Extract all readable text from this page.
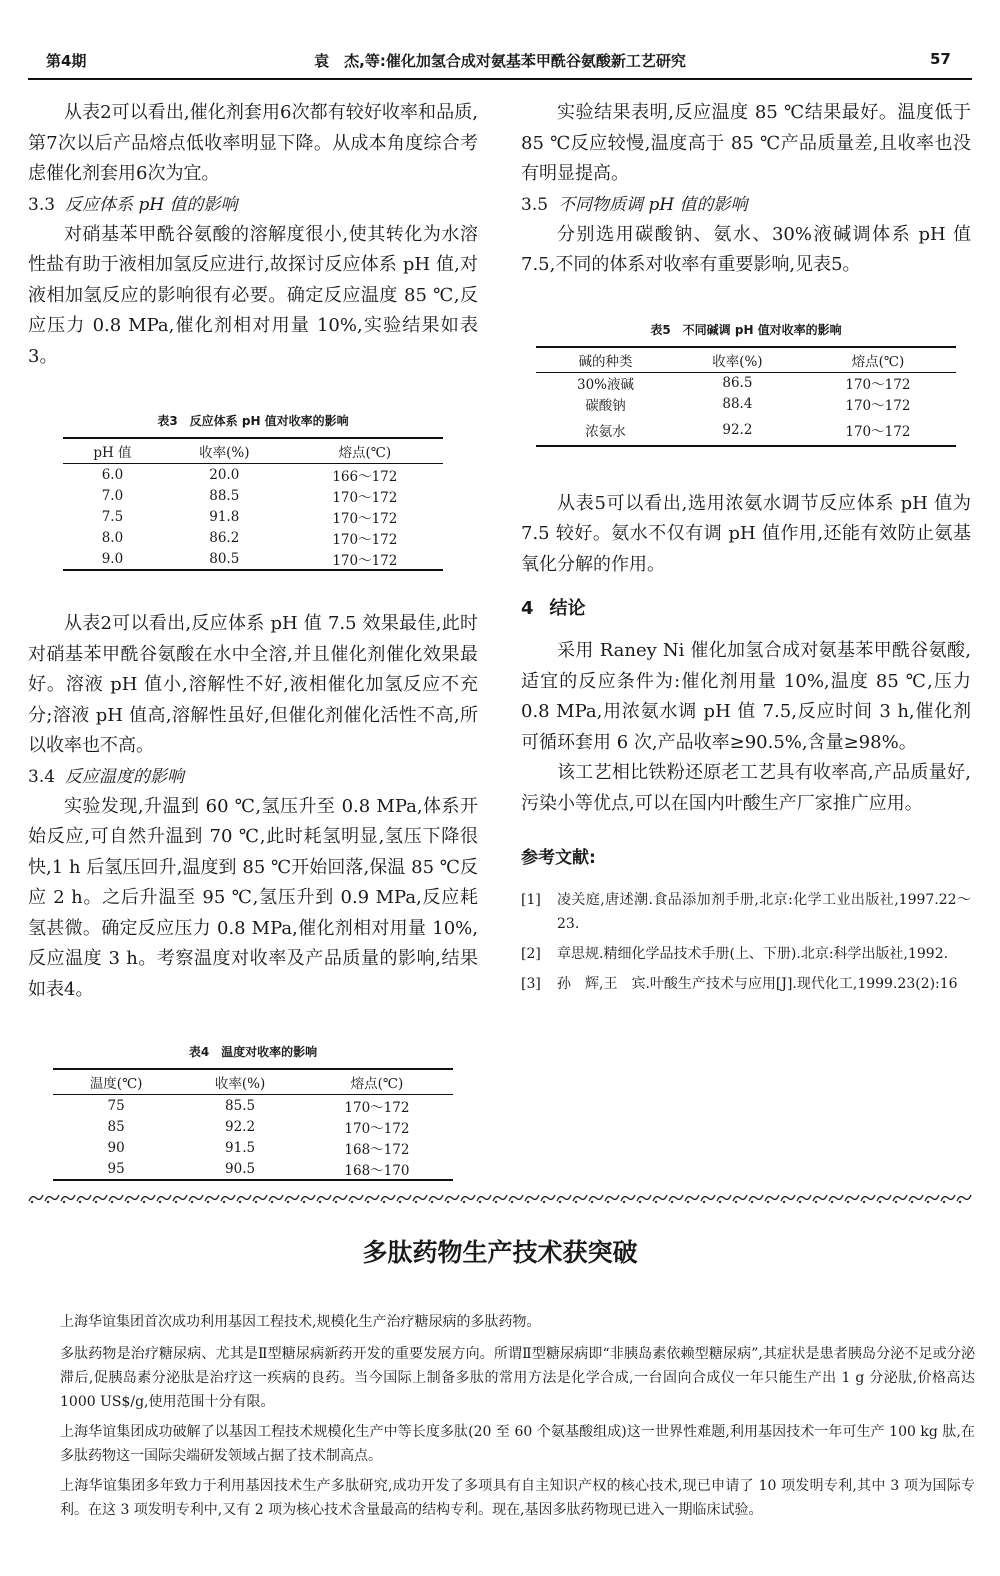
第4期	袁　杰,等:催化加氢合成对氨基苯甲酰谷氨酸新工艺研究	57

从表2可以看出,催化剂套用6次都有较好收率和品质,第7次以后产品熔点低收率明显下降。从成本角度综合考虑催化剂套用6次为宜。

3.3 反应体系 pH 值的影响

对硝基苯甲酰谷氨酸的溶解度很小,使其转化为水溶性盐有助于液相加氢反应进行,故探讨反应体系 pH 值,对液相加氢反应的影响很有必要。确定反应温度 85 ℃,反应压力 0.8 MPa,催化剂相对用量 10%,实验结果如表3。

表3　反应体系 pH 值对收率的影响
pH 值	收率(%)	熔点(℃)
6.0	20.0	166～172
7.0	88.5	170～172
7.5	91.8	170～172
8.0	86.2	170～172
9.0	80.5	170～172

从表2可以看出,反应体系 pH 值 7.5 效果最佳,此时对硝基苯甲酰谷氨酸在水中全溶,并且催化剂催化效果最好。溶液 pH 值小,溶解性不好,液相催化加氢反应不充分;溶液 pH 值高,溶解性虽好,但催化剂催化活性不高,所以收率也不高。

3.4 反应温度的影响

实验发现,升温到 60 ℃,氢压升至 0.8 MPa,体系开始反应,可自然升温到 70 ℃,此时耗氢明显,氢压下降很快,1 h 后氢压回升,温度到 85 ℃开始回落,保温 85 ℃反应 2 h。之后升温至 95 ℃,氢压升到 0.9 MPa,反应耗氢甚微。确定反应压力 0.8 MPa,催化剂相对用量 10%,反应温度 3 h。考察温度对收率及产品质量的影响,结果如表4。

表4　温度对收率的影响
温度(℃)	收率(%)	熔点(℃)
75	85.5	170～172
85	92.2	170～172
90	91.5	168～172
95	90.5	168～170

实验结果表明,反应温度 85 ℃结果最好。温度低于 85 ℃反应较慢,温度高于 85 ℃产品质量差,且收率也没有明显提高。

3.5 不同物质调 pH 值的影响

分别选用碳酸钠、氨水、30%液碱调体系 pH 值 7.5,不同的体系对收率有重要影响,见表5。

表5　不同碱调 pH 值对收率的影响
碱的种类	收率(%)	熔点(℃)
30%液碱	86.5	170～172
碳酸钠	88.4	170～172
浓氨水	92.2	170～172

从表5可以看出,选用浓氨水调节反应体系 pH 值为 7.5 较好。氨水不仅有调 pH 值作用,还能有效防止氨基氧化分解的作用。

4 结论

采用 Raney Ni 催化加氢合成对氨基苯甲酰谷氨酸,适宜的反应条件为:催化剂用量 10%,温度 85 ℃,压力 0.8 MPa,用浓氨水调 pH 值 7.5,反应时间 3 h,催化剂可循环套用 6 次,产品收率≥90.5%,含量≥98%。

该工艺相比铁粉还原老工艺具有收率高,产品质量好,污染小等优点,可以在国内叶酸生产厂家推广应用。

参考文献:

[1] 凌关庭,唐述潮.食品添加剂手册,北京:化学工业出版社,1997.22～23.

[2] 章思规.精细化学品技术手册(上、下册).北京:科学出版社,1992.

[3] 孙　辉,王　宾.叶酸生产技术与应用[J].现代化工,1999.23(2):16

多肽药物生产技术获突破

上海华谊集团首次成功利用基因工程技术,规模化生产治疗糖尿病的多肽药物。

多肽药物是治疗糖尿病、尤其是Ⅱ型糖尿病新药开发的重要发展方向。所谓Ⅱ型糖尿病即“非胰岛素依赖型糖尿病”,其症状是患者胰岛分泌不足或分泌滞后,促胰岛素分泌肽是治疗这一疾病的良药。当今国际上制备多肽的常用方法是化学合成,一台固向合成仪一年只能生产出 1 g 分泌肽,价格高达 1000 US$/g,使用范围十分有限。

上海华谊集团成功破解了以基因工程技术规模化生产中等长度多肽(20 至 60 个氨基酸组成)这一世界性难题,利用基因技术一年可生产 100 kg 肽,在多肽药物这一国际尖端研发领域占据了技术制高点。

上海华谊集团多年致力于利用基因技术生产多肽研究,成功开发了多项具有自主知识产权的核心技术,现已申请了 10 项发明专利,其中 3 项为国际专利。在这 3 项发明专利中,又有 2 项为核心技术含量最高的结构专利。现在,基因多肽药物现已进入一期临床试验。
